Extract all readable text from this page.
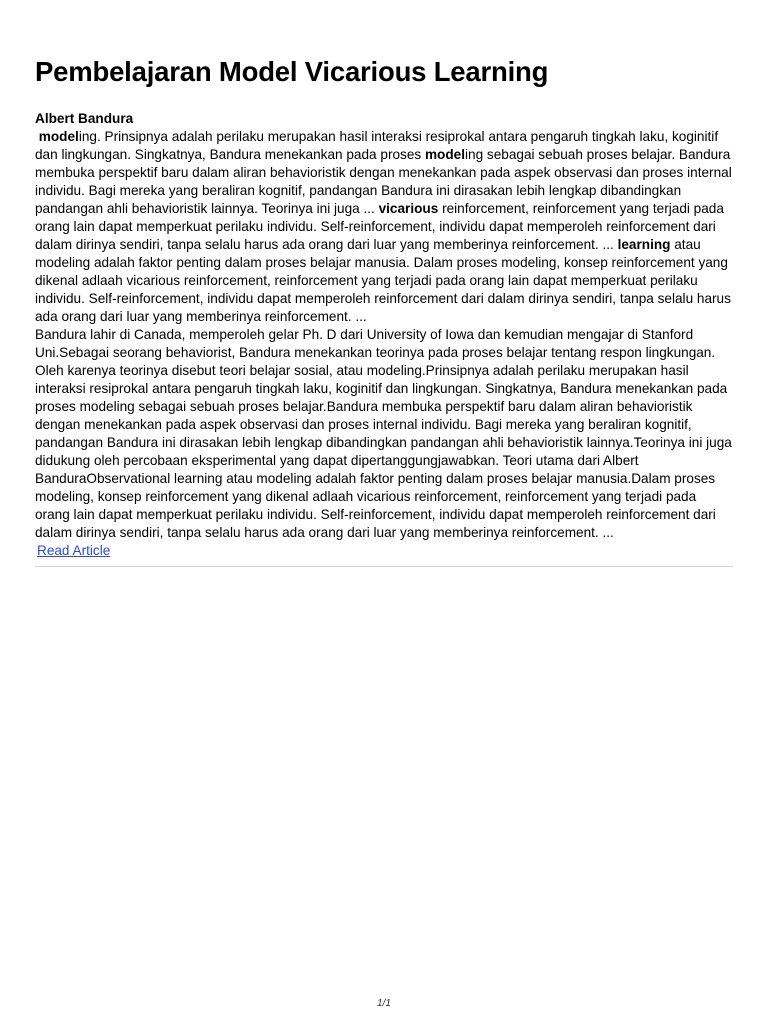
Pembelajaran Model Vicarious Learning
Albert Bandura

modeling. Prinsipnya adalah perilaku merupakan hasil interaksi resiprokal antara pengaruh tingkah laku, koginitif dan lingkungan. Singkatnya, Bandura menekankan pada proses modeling sebagai sebuah proses belajar. Bandura membuka perspektif baru dalam aliran behavioristik dengan menekankan pada aspek observasi dan proses internal individu. Bagi mereka yang beraliran kognitif, pandangan Bandura ini dirasakan lebih lengkap dibandingkan pandangan ahli behavioristik lainnya. Teorinya ini juga ... vicarious reinforcement, reinforcement yang terjadi pada orang lain dapat memperkuat perilaku individu. Self-reinforcement, individu dapat memperoleh reinforcement dari dalam dirinya sendiri, tanpa selalu harus ada orang dari luar yang memberinya reinforcement. ... learning atau modeling adalah faktor penting dalam proses belajar manusia. Dalam proses modeling, konsep reinforcement yang dikenal adlaah vicarious reinforcement, reinforcement yang terjadi pada orang lain dapat memperkuat perilaku individu. Self-reinforcement, individu dapat memperoleh reinforcement dari dalam dirinya sendiri, tanpa selalu harus ada orang dari luar yang memberinya reinforcement. ...

Bandura lahir di Canada, memperoleh gelar Ph. D dari University of Iowa dan kemudian mengajar di Stanford Uni.Sebagai seorang behaviorist, Bandura menekankan teorinya pada proses belajar tentang respon lingkungan. Oleh karenya teorinya disebut teori belajar sosial, atau modeling.Prinsipnya adalah perilaku merupakan hasil interaksi resiprokal antara pengaruh tingkah laku, koginitif dan lingkungan. Singkatnya, Bandura menekankan pada proses modeling sebagai sebuah proses belajar.Bandura membuka perspektif baru dalam aliran behavioristik dengan menekankan pada aspek observasi dan proses internal individu. Bagi mereka yang beraliran kognitif, pandangan Bandura ini dirasakan lebih lengkap dibandingkan pandangan ahli behavioristik lainnya.Teorinya ini juga didukung oleh percobaan eksperimental yang dapat dipertanggungjawabkan. Teori utama dari Albert BanduraObservational learning atau modeling adalah faktor penting dalam proses belajar manusia.Dalam proses modeling, konsep reinforcement yang dikenal adlaah vicarious reinforcement, reinforcement yang terjadi pada orang lain dapat memperkuat perilaku individu. Self-reinforcement, individu dapat memperoleh reinforcement dari dalam dirinya sendiri, tanpa selalu harus ada orang dari luar yang memberinya reinforcement. ...

Read Article
1/1
